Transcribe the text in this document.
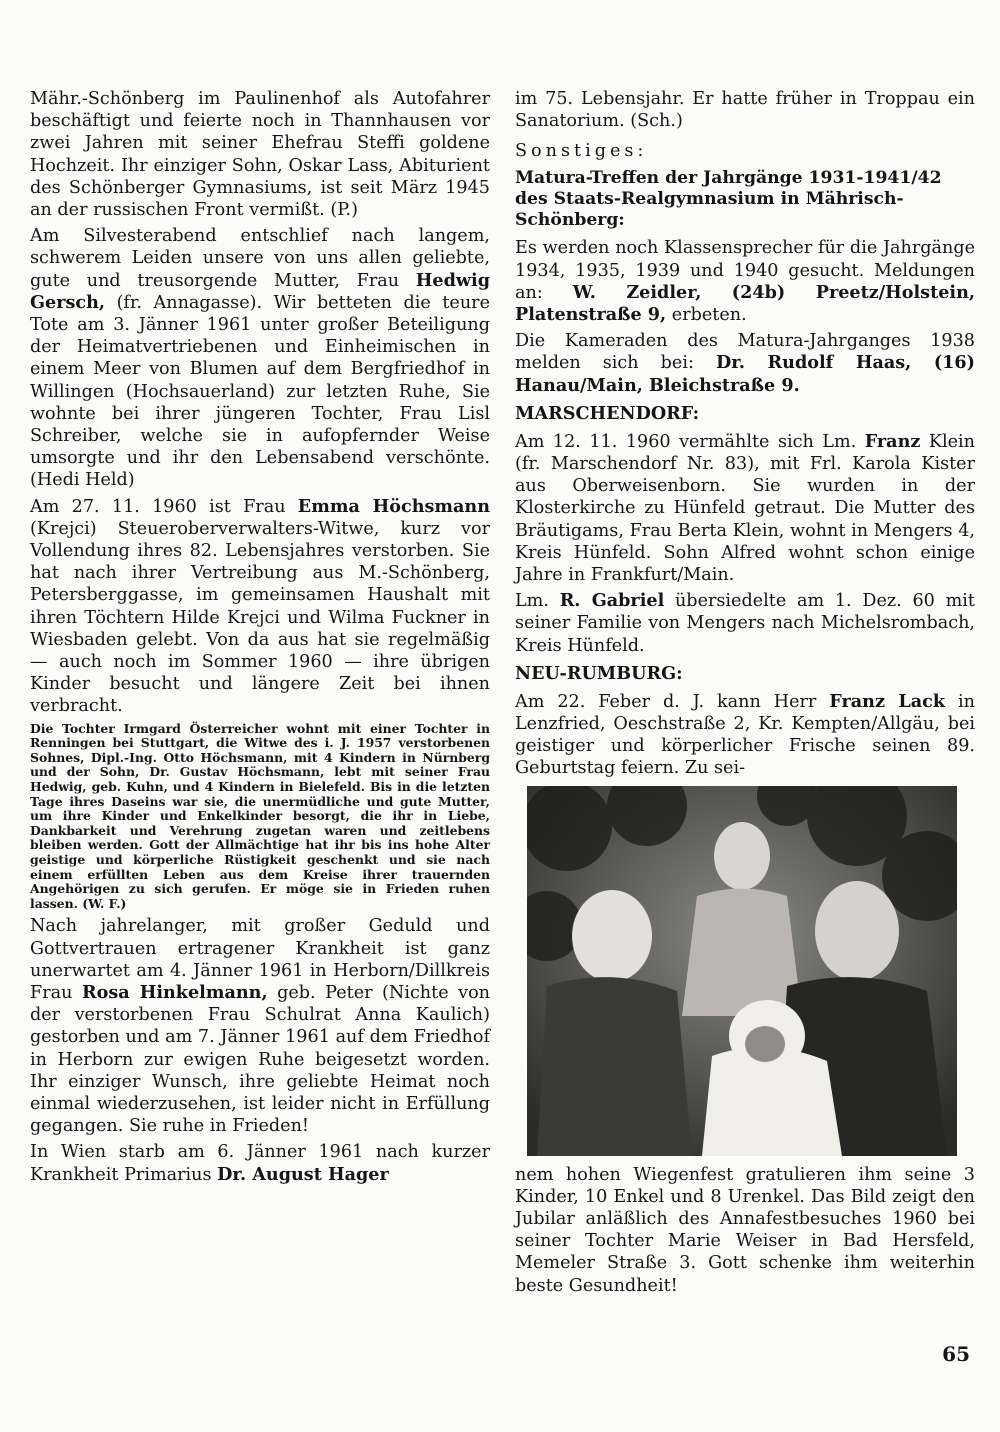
Mähr.-Schönberg im Paulinenhof als Autofahrer beschäftigt und feierte noch in Thannhausen vor zwei Jahren mit seiner Ehefrau Steffi goldene Hochzeit. Ihr einziger Sohn, Oskar Lass, Abiturient des Schönberger Gymnasiums, ist seit März 1945 an der russischen Front vermißt. (P.)

Am Silvesterabend entschlief nach langem, schwerem Leiden unsere von uns allen geliebte, gute und treusorgende Mutter, Frau Hedwig Gersch, (fr. Annagasse). Wir betteten die teure Tote am 3. Jänner 1961 unter großer Beteiligung der Heimatvertriebenen und Einheimischen in einem Meer von Blumen auf dem Bergfriedhof in Willingen (Hochsauerland) zur letzten Ruhe, Sie wohnte bei ihrer jüngeren Tochter, Frau Lisl Schreiber, welche sie in aufopfernder Weise umsorgte und ihr den Lebensabend verschönte. (Hedi Held)

Am 27. 11. 1960 ist Frau Emma Höchsmann (Krejci) Steueroberverwalters-Witwe, kurz vor Vollendung ihres 82. Lebensjahres verstorben. Sie hat nach ihrer Vertreibung aus M.-Schönberg, Petersberggasse, im gemeinsamen Haushalt mit ihren Töchtern Hilde Krejci und Wilma Fuckner in Wiesbaden gelebt. Von da aus hat sie regelmäßig — auch noch im Sommer 1960 — ihre übrigen Kinder besucht und längere Zeit bei ihnen verbracht.

Die Tochter Irmgard Österreicher wohnt mit einer Tochter in Renningen bei Stuttgart, die Witwe des i. J. 1957 verstorbenen Sohnes, Dipl.-Ing. Otto Höchsmann, mit 4 Kindern in Nürnberg und der Sohn, Dr. Gustav Höchsmann, lebt mit seiner Frau Hedwig, geb. Kuhn, und 4 Kindern in Bielefeld. Bis in die letzten Tage ihres Daseins war sie, die unermüdliche und gute Mutter, um ihre Kinder und Enkelkinder besorgt, die ihr in Liebe, Dankbarkeit und Verehrung zugetan waren und zeitlebens bleiben werden. Gott der Allmächtige hat ihr bis ins hohe Alter geistige und körperliche Rüstigkeit geschenkt und sie nach einem erfüllten Leben aus dem Kreise ihrer trauernden Angehörigen zu sich gerufen. Er möge sie in Frieden ruhen lassen. (W. F.)

Nach jahrelanger, mit großer Geduld und Gottvertrauen ertragener Krankheit ist ganz unerwartet am 4. Jänner 1961 in Herborn/Dillkreis Frau Rosa Hinkelmann, geb. Peter (Nichte von der verstorbenen Frau Schulrat Anna Kaulich) gestorben und am 7. Jänner 1961 auf dem Friedhof in Herborn zur ewigen Ruhe beigesetzt worden. Ihr einziger Wunsch, ihre geliebte Heimat noch einmal wiederzusehen, ist leider nicht in Erfüllung gegangen. Sie ruhe in Frieden!

In Wien starb am 6. Jänner 1961 nach kurzer Krankheit Primarius Dr. August Hager

im 75. Lebensjahr. Er hatte früher in Troppau ein Sanatorium. (Sch.)

Sonstiges:
Matura-Treffen der Jahrgänge 1931-1941/42 des Staats-Realgymnasium in Mährisch-Schönberg:

Es werden noch Klassensprecher für die Jahrgänge 1934, 1935, 1939 und 1940 gesucht. Meldungen an: W. Zeidler, (24b) Preetz/Holstein, Platenstraße 9, erbeten.

Die Kameraden des Matura-Jahrganges 1938 melden sich bei: Dr. Rudolf Haas, (16) Hanau/Main, Bleichstraße 9.

MARSCHENDORF:

Am 12. 11. 1960 vermählte sich Lm. Franz Klein (fr. Marschendorf Nr. 83), mit Frl. Karola Kister aus Oberweisenborn. Sie wurden in der Klosterkirche zu Hünfeld getraut. Die Mutter des Bräutigams, Frau Berta Klein, wohnt in Mengers 4, Kreis Hünfeld. Sohn Alfred wohnt schon einige Jahre in Frankfurt/Main.

Lm. R. Gabriel übersiedelte am 1. Dez. 60 mit seiner Familie von Mengers nach Michelsrombach, Kreis Hünfeld.

NEU-RUMBURG:

Am 22. Feber d. J. kann Herr Franz Lack in Lenzfried, Oeschstraße 2, Kr. Kempten/Allgäu, bei geistiger und körperlicher Frische seinen 89. Geburtstag feiern. Zu sei-

nem hohen Wiegenfest gratulieren ihm seine 3 Kinder, 10 Enkel und 8 Urenkel. Das Bild zeigt den Jubilar anläßlich des Annafestbesuches 1960 bei seiner Tochter Marie Weiser in Bad Hersfeld, Memeler Straße 3. Gott schenke ihm weiterhin beste Gesundheit!

65
